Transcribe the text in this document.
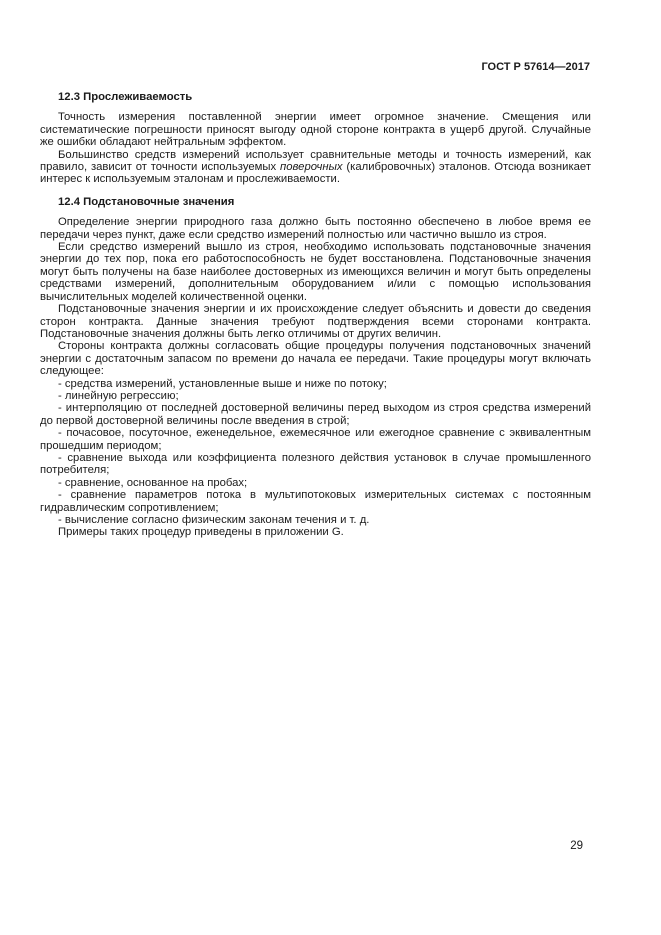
ГОСТ Р 57614—2017
12.3 Прослеживаемость

Точность измерения поставленной энергии имеет огромное значение. Смещения или систематические погрешности приносят выгоду одной стороне контракта в ущерб другой. Случайные же ошибки обладают нейтральным эффектом.

Большинство средств измерений использует сравнительные методы и точность измерений, как правило, зависит от точности используемых поверочных (калибровочных) эталонов. Отсюда возникает интерес к используемым эталонам и прослеживаемости.

12.4 Подстановочные значения

Определение энергии природного газа должно быть постоянно обеспечено в любое время ее передачи через пункт, даже если средство измерений полностью или частично вышло из строя.

Если средство измерений вышло из строя, необходимо использовать подстановочные значения энергии до тех пор, пока его работоспособность не будет восстановлена. Подстановочные значения могут быть получены на базе наиболее достоверных из имеющихся величин и могут быть определены средствами измерений, дополнительным оборудованием и/или с помощью использования вычислительных моделей количественной оценки.

Подстановочные значения энергии и их происхождение следует объяснить и довести до сведения сторон контракта. Данные значения требуют подтверждения всеми сторонами контракта. Подстановочные значения должны быть легко отличимы от других величин.

Стороны контракта должны согласовать общие процедуры получения подстановочных значений энергии с достаточным запасом по времени до начала ее передачи. Такие процедуры могут включать следующее:

- средства измерений, установленные выше и ниже по потоку;

- линейную регрессию;

- интерполяцию от последней достоверной величины перед выходом из строя средства измерений до первой достоверной величины после введения в строй;

- почасовое, посуточное, еженедельное, ежемесячное или ежегодное сравнение с эквивалентным прошедшим периодом;

- сравнение выхода или коэффициента полезного действия установок в случае промышленного потребителя;

- сравнение, основанное на пробах;

- сравнение параметров потока в мультипотоковых измерительных системах с постоянным гидравлическим сопротивлением;

- вычисление согласно физическим законам течения и т. д.

Примеры таких процедур приведены в приложении G.

29
